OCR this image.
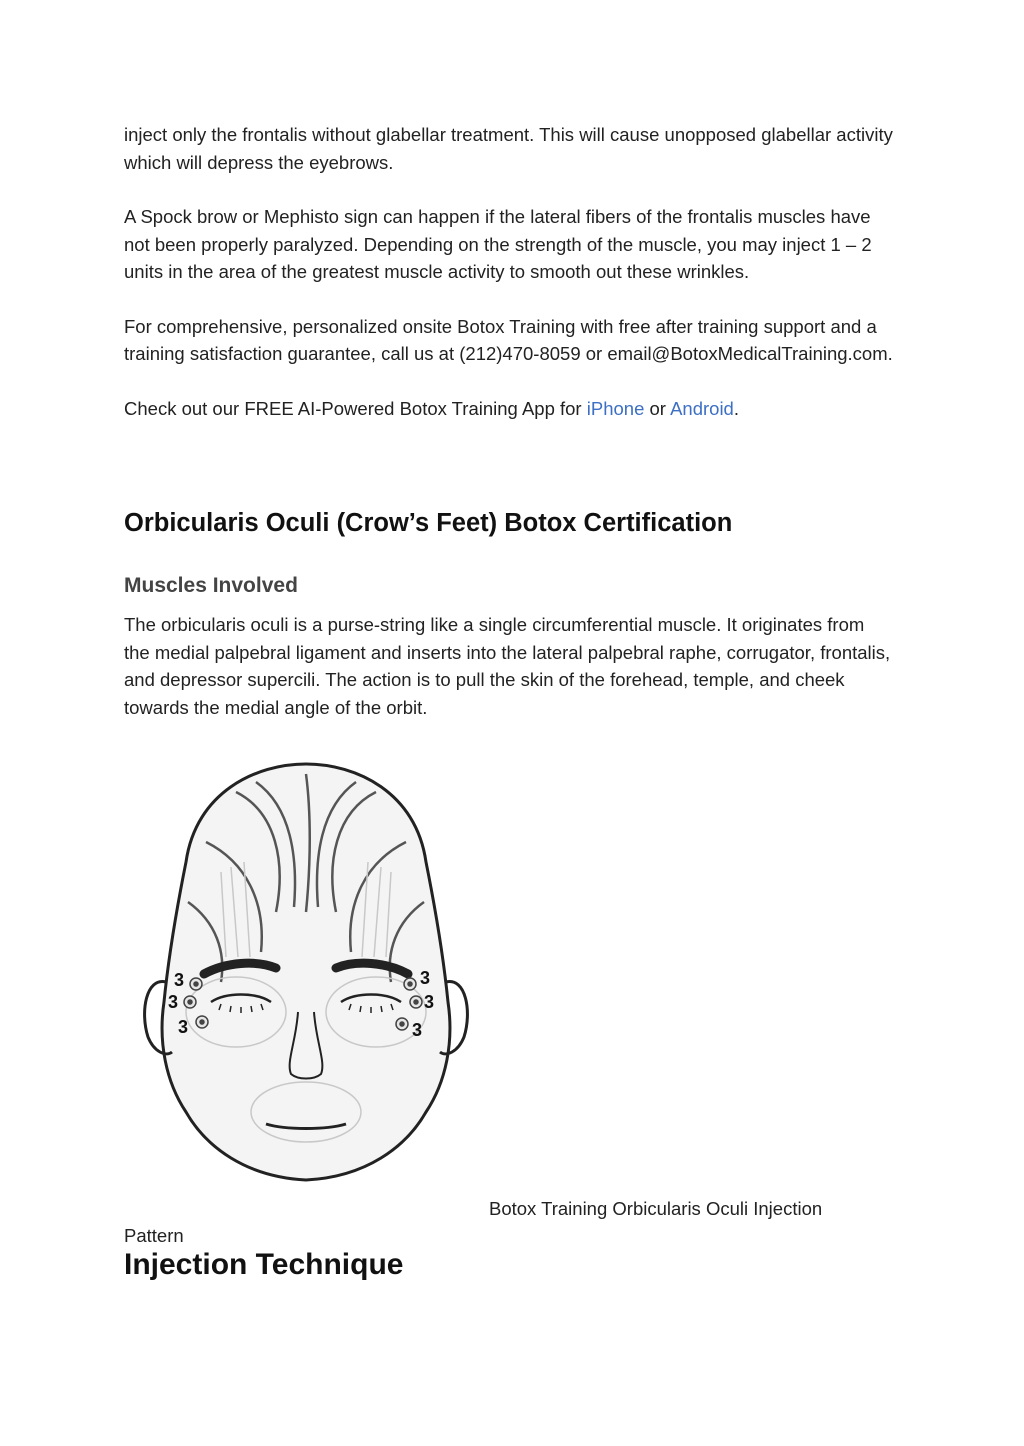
inject only the frontalis without glabellar treatment. This will cause unopposed glabellar activity which will depress the eyebrows.

A Spock brow or Mephisto sign can happen if the lateral fibers of the frontalis muscles have not been properly paralyzed. Depending on the strength of the muscle, you may inject 1 – 2 units in the area of the greatest muscle activity to smooth out these wrinkles.

For comprehensive, personalized onsite Botox Training with free after training support and a training satisfaction guarantee, call us at (212)470-8059 or email@BotoxMedicalTraining.com.

Check out our FREE AI-Powered Botox Training App for iPhone or Android.

Orbicularis Oculi (Crow’s Feet) Botox Certification
Muscles Involved

The orbicularis oculi is a purse-string like a single circumferential muscle. It originates from the medial palpebral ligament and inserts into the lateral palpebral raphe, corrugator, frontalis, and depressor supercili. The action is to pull the skin of the forehead, temple, and cheek towards the medial angle of the orbit.

3
3
3
3
3
3
Botox Training Orbicularis Oculi Injection
Pattern
Injection Technique
